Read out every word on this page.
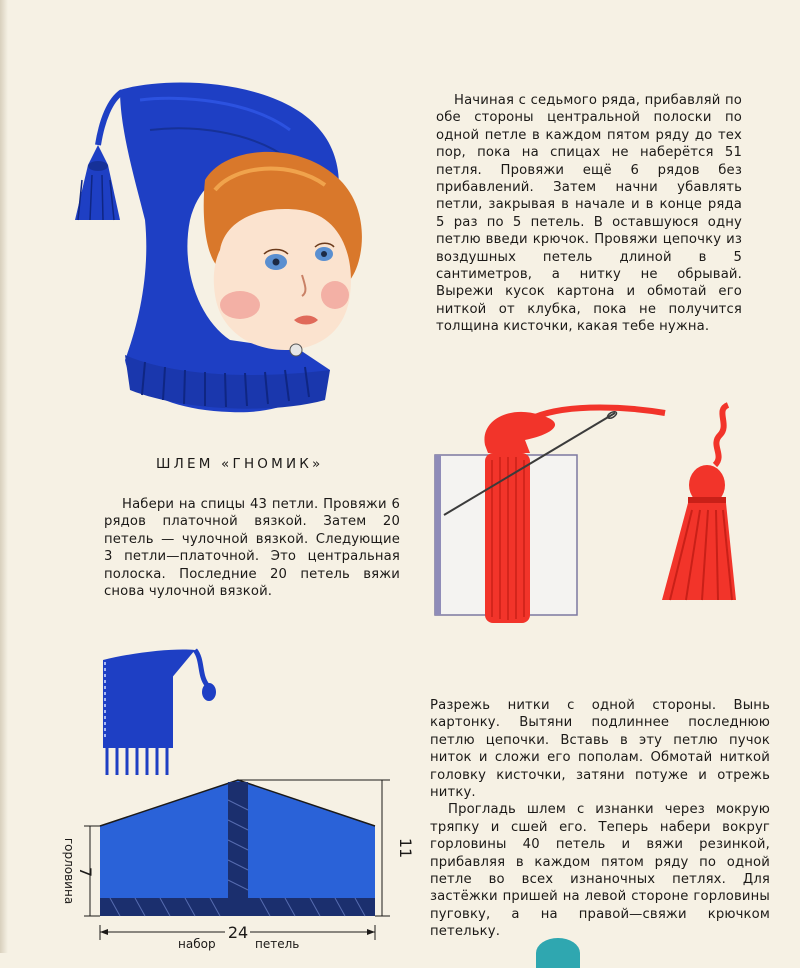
ШЛЕМ «ГНОМИК»

Начиная с седьмого ряда, прибавляй по обе стороны центральной полоски по одной петле в каждом пятом ряду до тех пор, пока на спицах не наберётся 51 петля. Провяжи ещё 6 рядов без прибавлений. Затем начни убавлять петли, закрывая в начале и в конце ряда 5 раз по 5 петель. В оставшуюся одну петлю введи крючок. Провяжи цепочку из воздушных петель длиной в 5 сантиметров, а нитку не обрывай. Вырежи кусок картона и обмотай его ниткой от клубка, пока не получится толщина кисточки, какая тебе нужна.

Набери на спицы 43 петли. Провяжи 6 рядов платочной вязкой. Затем 20 петель — чулочной вязкой. Следующие 3 петли—платочной. Это центральная полоска. Последние 20 петель вяжи снова чулочной вязкой.

Разрежь нитки с одной стороны. Вынь картонку. Вытяни подлиннее последнюю петлю цепочки. Вставь в эту петлю пучок ниток и сложи его пополам. Обмотай ниткой головку кисточки, затяни потуже и отрежь нитку.

Прогладь шлем с изнанки через мокрую тряпку и сшей его. Теперь набери вокруг горловины 40 петель и вяжи резинкой, прибавляя в каждом пятом ряду по одной петле во всех изнаночных петлях. Для застёжки пришей на левой стороне горловины пуговку, а на правой—свяжи крючком петельку.

24
набор	петель
11
7
горловина
